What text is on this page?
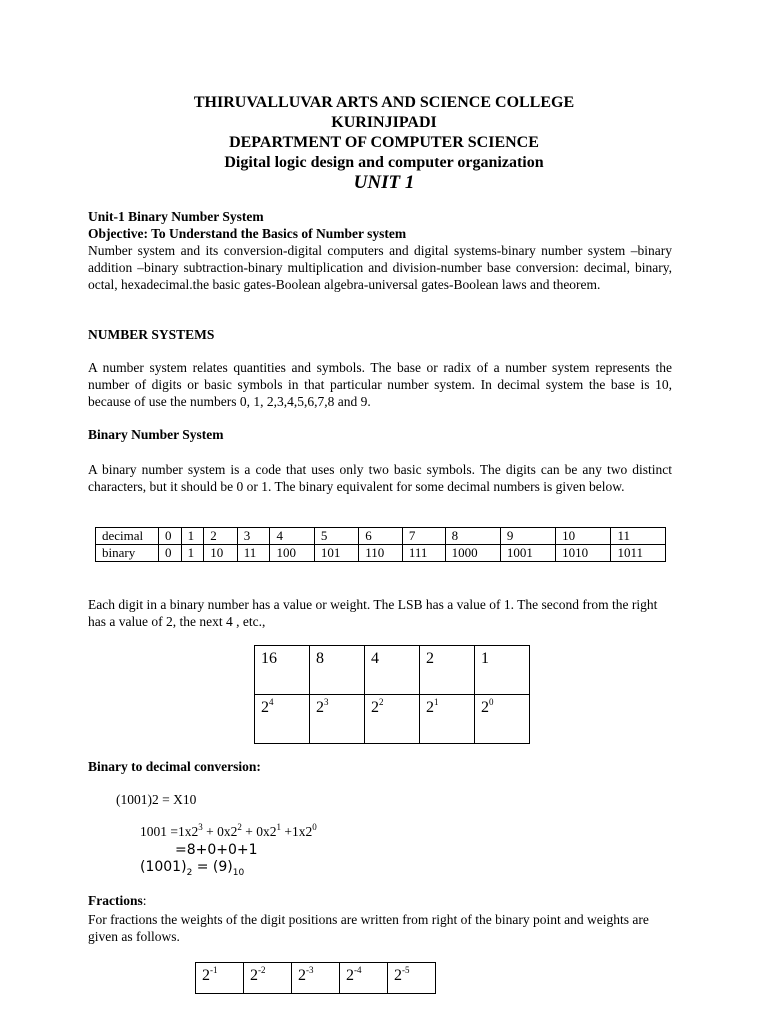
THIRUVALLUVAR ARTS AND SCIENCE COLLEGE
KURINJIPADI
DEPARTMENT OF COMPUTER SCIENCE
Digital logic design and computer organization
UNIT 1
Unit-1 Binary Number System
Objective: To Understand the Basics of Number system
Number system and its conversion-digital computers and digital systems-binary number system –binary addition –binary subtraction-binary multiplication and division-number base conversion: decimal, binary, octal, hexadecimal.the basic gates-Boolean algebra-universal gates-Boolean laws and theorem.
NUMBER SYSTEMS
A number system relates quantities and symbols. The base or radix of a number system represents the number of digits or basic symbols in that particular number system. In decimal system the base is 10, because of use the numbers 0, 1, 2,3,4,5,6,7,8 and 9.
Binary Number System
A binary number system is a code that uses only two basic symbols. The digits can be any two distinct characters, but it should be 0 or 1. The binary equivalent for some decimal numbers is given below.
decimal	0	1	2	3	4	5	6	7	8	9	10	11
binary	0	1	10	11	100	101	110	111	1000	1001	1010	1011
Each digit in a binary number has a value or weight. The LSB has a value of 1. The second from the right has a value of 2, the next 4 , etc.,
16	8	4	2	1
$2^4$	$2^3$	$2^2$	$2^1$	$2^0$
Binary to decimal conversion:
(1001)2 = X10
$1001 =1x2^3 + 0x2^2 + 0x2^1 +1x2^0$
=8+0+0+1
$(1001)_2 = (9)_{10}$
Fractions:
For fractions the weights of the digit positions are written from right of the binary point and weights are given as follows.
$2^{-1}$	$2^{-2}$	$2^{-3}$	$2^{-4}$	$2^{-5}$
